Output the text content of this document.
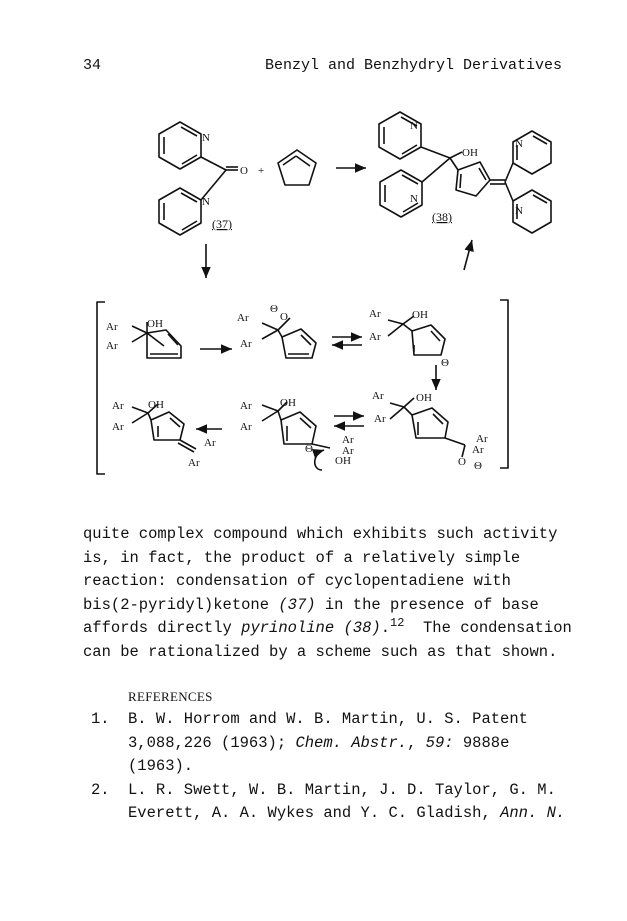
34	Benzyl and Benzhydryl Derivatives
N
N
O +
(37)
N
N
OH
N
N
(38)
Ar
Ar
OH
Θ
Ar
Ar
O	Ar
Ar
OH
Θ
Ar
Ar
OH
Ar
Ar
Ar
Ar
OH
Θ
Ar
Ar
OH
Ar
Ar
OH
Ar
Ar
O Θ
quite complex compound which exhibits such activity
is, in fact, the product of a relatively simple
reaction: condensation of cyclopentadiene with
bis(2-pyridyl)ketone (37) in the presence of base
affords directly pyrinoline (38).$^{12}$  The condensation
can be rationalized by a scheme such as that shown.
REFERENCES
1. B. W. Horrom and W. B. Martin, U. S. Patent
3,088,226 (1963); Chem. Abstr., 59: 9888e
(1963).
2. L. R. Swett, W. B. Martin, J. D. Taylor, G. M.
Everett, A. A. Wykes and Y. C. Gladish, Ann. N.
